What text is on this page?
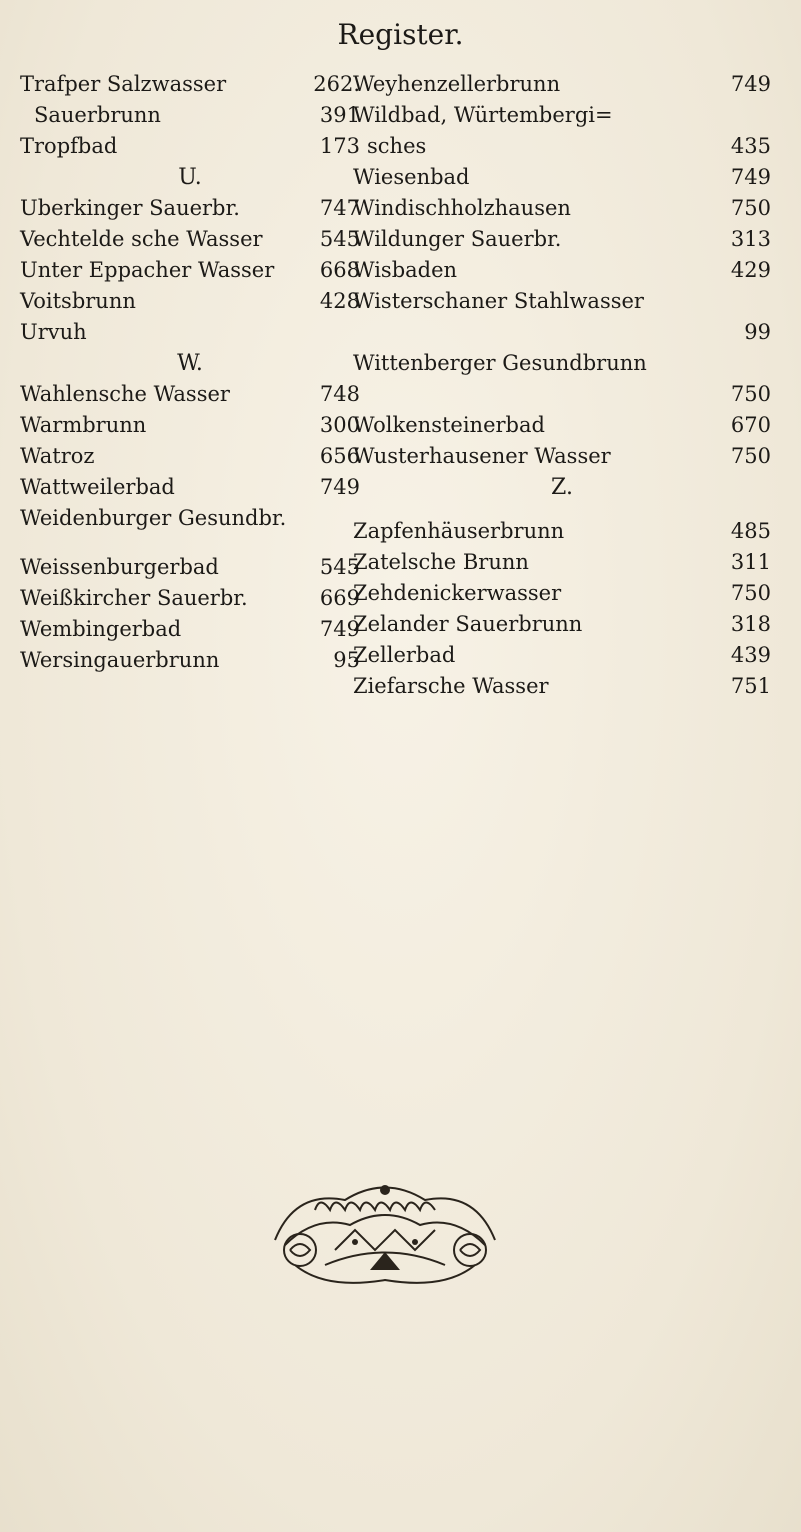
Register.
Trafper Salzwasser	262.
Sauerbrunn	391
Tropfbad	173
U.
Uberkinger Sauerbr.	747
Vechtelde sche Wasser	545
Unter Eppacher Wasser 668
Voitsbrunn	428
Urvuh
W.
Wahlensche Wasser	748
Warmbrunn	300
Watroz	656
Wattweilerbad	749
Weidenburger Gesundbr.
Weissenburgerbad	545
Weißkircher Sauerbr.	669
Wembingerbad	749
Wersingauerbrunn	95
Weyhenzellerbrunn	749
Wildbad, Würtembergi=
sches	435
Wiesenbad	749
Windischholzhausen	750
Wildunger Sauerbr.	313
Wisbaden	429
Wisterschaner Stahlwasser
99
Wittenberger Gesundbrunn
750
Wolkensteinerbad	670
Wusterhausener Wasser	750
Z.
Zapfenhäuserbrunn	485
Zatelsche Brunn	311
Zehdenickerwasser	750
Zelander Sauerbrunn	318
Zellerbad	439
Ziefarsche Wasser	751
